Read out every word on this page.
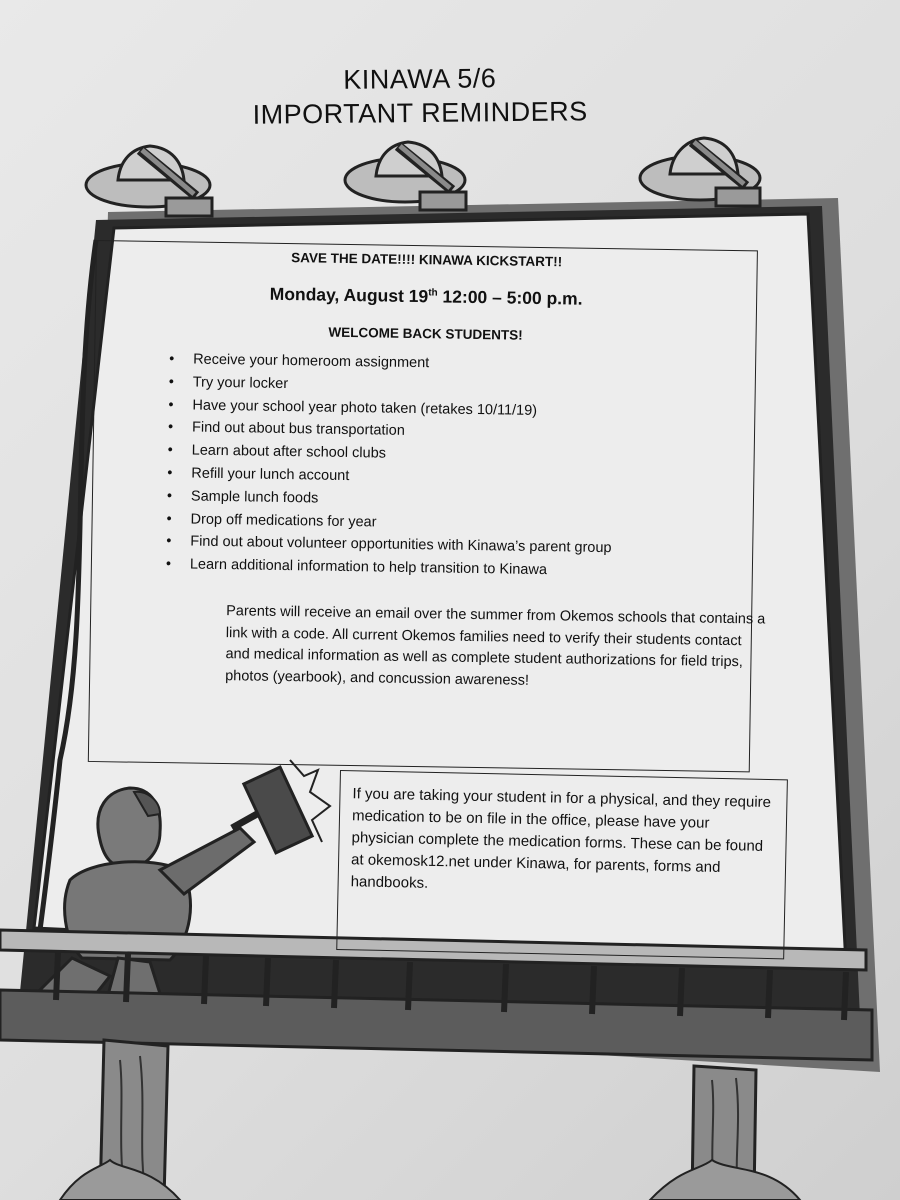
KINAWA 5/6
IMPORTANT REMINDERS
SAVE THE DATE!!!! KINAWA KICKSTART!!
Monday, August 19th 12:00 – 5:00 p.m.
WELCOME BACK STUDENTS!
• Receive your homeroom assignment
• Try your locker
• Have your school year photo taken (retakes 10/11/19)
• Find out about bus transportation
• Learn about after school clubs
• Refill your lunch account
• Sample lunch foods
• Drop off medications for year
• Find out about volunteer opportunities with Kinawa’s parent group
• Learn additional information to help transition to Kinawa
Parents will receive an email over the summer from Okemos schools that contains a link with a code. All current Okemos families need to verify their students contact and medical information as well as complete student authorizations for field trips, photos (yearbook), and concussion awareness!
If you are taking your student in for a physical, and they require medication to be on file in the office, please have your physician complete the medication forms. These can be found at okemosk12.net under Kinawa, for parents, forms and handbooks.
